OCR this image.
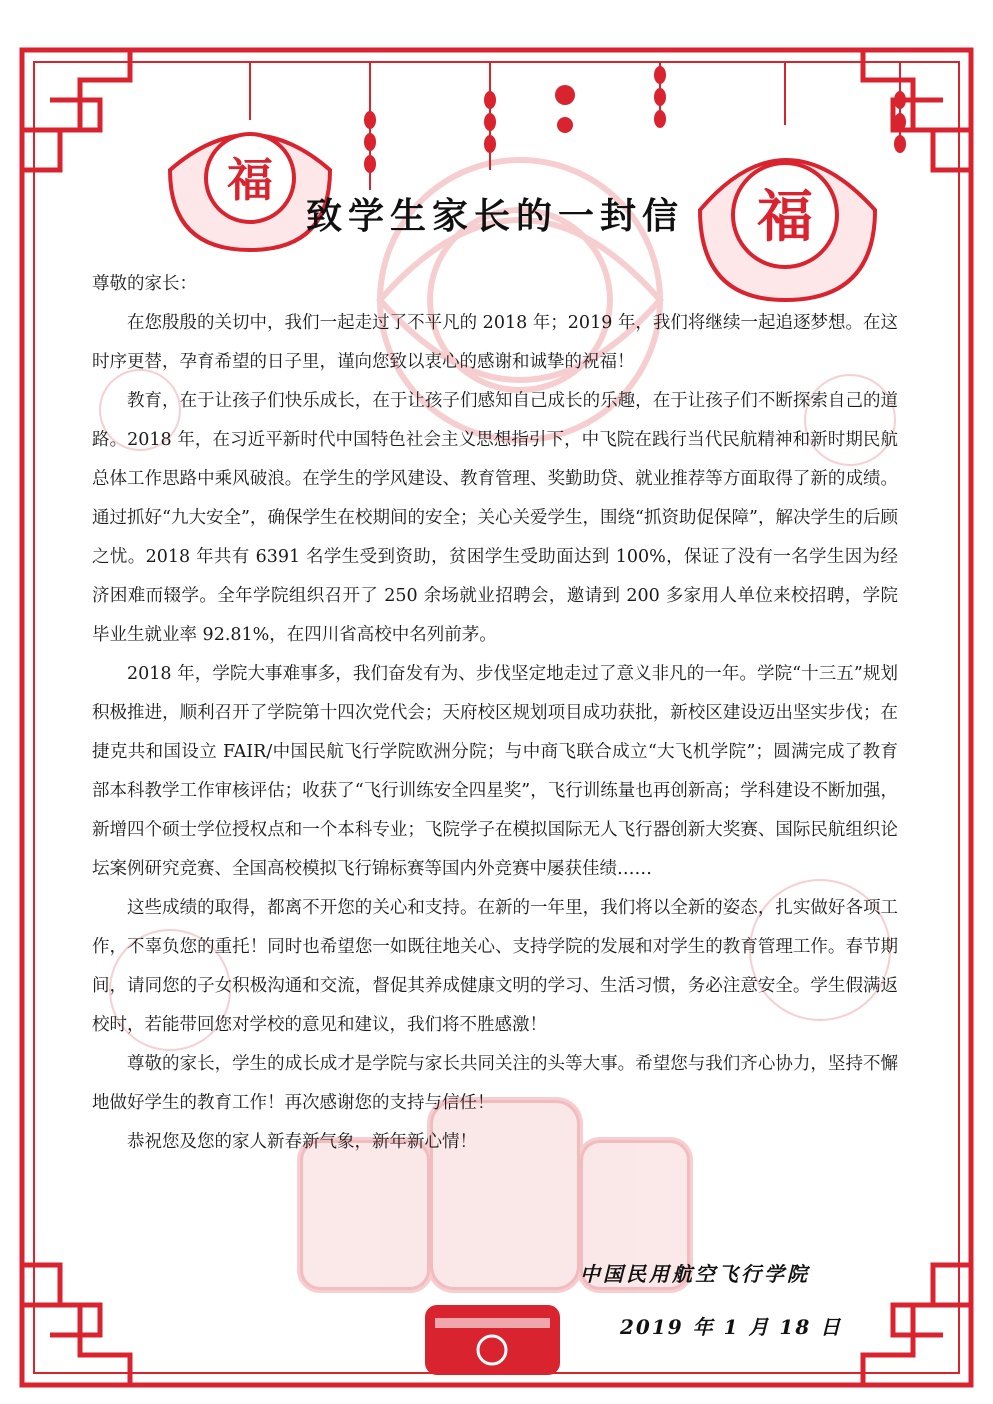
福
福
致学生家长的一封信

尊敬的家长：

在您殷殷的关切中，我们一起走过了不平凡的 2018 年；2019 年，我们将继续一起追逐梦想。在这时序更替，孕育希望的日子里，谨向您致以衷心的感谢和诚挚的祝福！

教育，在于让孩子们快乐成长，在于让孩子们感知自己成长的乐趣，在于让孩子们不断探索自己的道路。2018 年，在习近平新时代中国特色社会主义思想指引下，中飞院在践行当代民航精神和新时期民航总体工作思路中乘风破浪。在学生的学风建设、教育管理、奖勤助贷、就业推荐等方面取得了新的成绩。通过抓好“九大安全”，确保学生在校期间的安全；关心关爱学生，围绕“抓资助促保障”，解决学生的后顾之忧。2018 年共有 6391 名学生受到资助，贫困学生受助面达到 100%，保证了没有一名学生因为经济困难而辍学。全年学院组织召开了 250 余场就业招聘会，邀请到 200 多家用人单位来校招聘，学院毕业生就业率 92.81%，在四川省高校中名列前茅。

2018 年，学院大事难事多，我们奋发有为、步伐坚定地走过了意义非凡的一年。学院“十三五”规划积极推进，顺利召开了学院第十四次党代会；天府校区规划项目成功获批，新校区建设迈出坚实步伐；在捷克共和国设立 FAIR/中国民航飞行学院欧洲分院；与中商飞联合成立“大飞机学院”；圆满完成了教育部本科教学工作审核评估；收获了“飞行训练安全四星奖”，飞行训练量也再创新高；学科建设不断加强，新增四个硕士学位授权点和一个本科专业；飞院学子在模拟国际无人飞行器创新大奖赛、国际民航组织论坛案例研究竞赛、全国高校模拟飞行锦标赛等国内外竞赛中屡获佳绩……

这些成绩的取得，都离不开您的关心和支持。在新的一年里，我们将以全新的姿态，扎实做好各项工作，不辜负您的重托！同时也希望您一如既往地关心、支持学院的发展和对学生的教育管理工作。春节期间，请同您的子女积极沟通和交流，督促其养成健康文明的学习、生活习惯，务必注意安全。学生假满返校时，若能带回您对学校的意见和建议，我们将不胜感激！

尊敬的家长，学生的成长成才是学院与家长共同关注的头等大事。希望您与我们齐心协力，坚持不懈地做好学生的教育工作！再次感谢您的支持与信任！

恭祝您及您的家人新春新气象，新年新心情！

中国民用航空飞行学院
2019 年 1 月 18 日
